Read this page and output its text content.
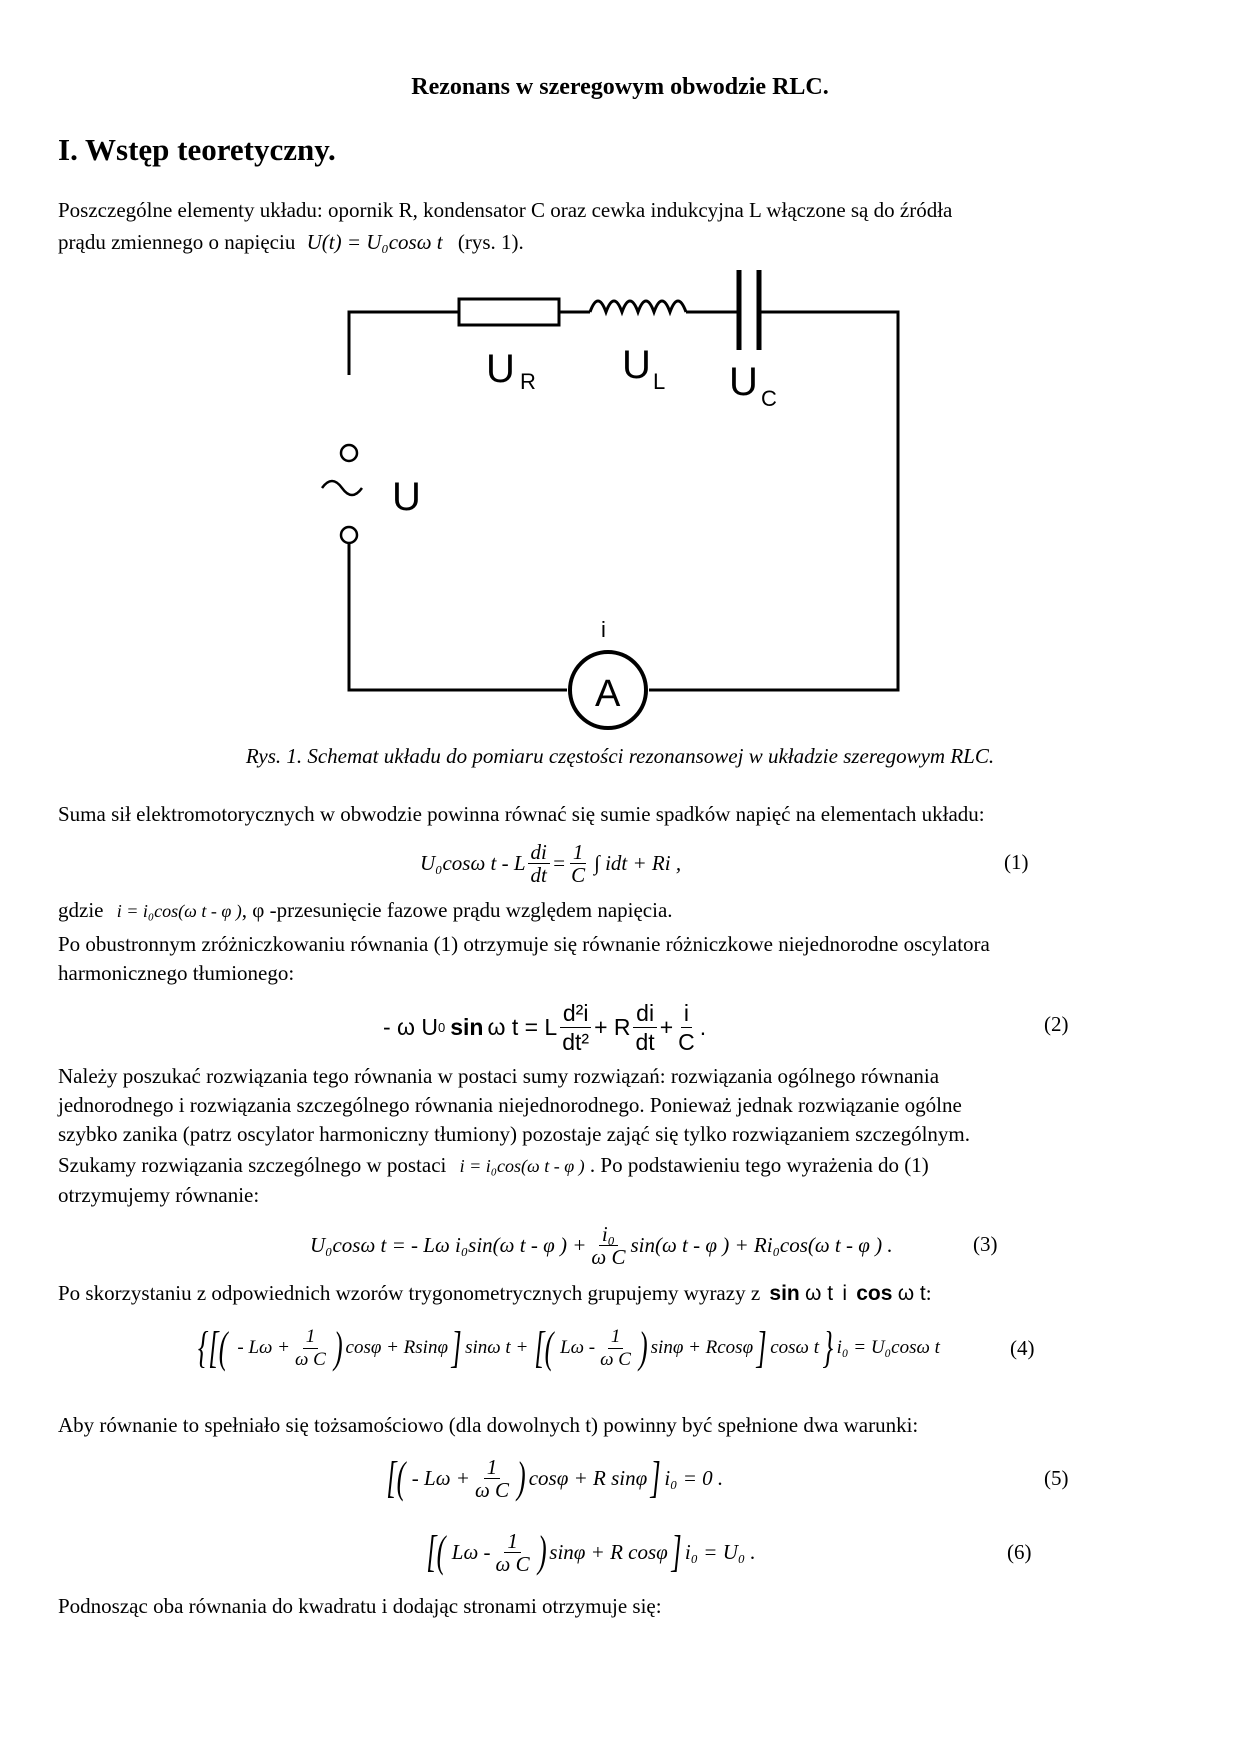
Rezonans w szeregowym obwodzie RLC.
I. Wstęp teoretyczny.
Poszczególne elementy układu: opornik R, kondensator C oraz cewka indukcyjna L włączone są do źródła
prądu zmiennego o napięciu U(t) = U₀cosω t (rys. 1).
U R U L U C
U
i
A
Rys. 1. Schemat układu do pomiaru częstości rezonansowej w układzie szeregowym RLC.
Suma sił elektromotorycznych w obwodzie powinna równać się sumie spadków napięć na elementach układu:
U₀cosω t - L $\frac{di}{dt} = \frac{1}{C}$ ∫ idt + Ri ,	(1)
gdzie i = i₀cos(ω t - φ ), φ -przesunięcie fazowe prądu względem napięcia.
Po obustronnym zróżniczkowaniu równania (1) otrzymuje się równanie różniczkowe niejednorodne oscylatora
harmonicznego tłumionego:
- ω U 0 sin ω t = L $\frac{\text{d²i}}{\text{dt²}} + R \frac{di}{dt} + \frac{i}{C}$ .	(2)
Należy poszukać rozwiązania tego równania w postaci sumy rozwiązań: rozwiązania ogólnego równania
jednorodnego i rozwiązania szczególnego równania niejednorodnego. Ponieważ jednak rozwiązanie ogólne
szybko zanika (patrz oscylator harmoniczny tłumiony) pozostaje zająć się tylko rozwiązaniem szczególnym.
Szukamy rozwiązania szczególnego w postaci i = i₀cos(ω t - φ ) . Po podstawieniu tego wyrażenia do (1)
otrzymujemy równanie:
U₀cosω t = - Lω i₀sin(ω t - φ ) + $\frac{\text{i₀}}{\text{ω C}} \sin(\omega$ t - φ ) + Ri₀cos(ω t - φ ) .	(3)
Po skorzystaniu z odpowiednich wzorów trygonometrycznych grupujemy wyrazy z sin ω t i cos ω t:
{[( - $L\omega + \frac{1}{\text{ω C}}$ ) cosφ + Rsinφ ] sinω t + [( Lω - $\frac{1}{\text{ω C}}$ ) sinφ + Rcosφ ] cosω t } i₀ = U₀cosω t	(4)
Aby równanie to spełniało się tożsamościowo (dla dowolnych t) powinny być spełnione dwa warunki:
[( - $L\omega + \frac{1}{\text{ω C}}$ ) cosφ + R sinφ ] i₀ = 0 .	(5)
[( Lω - $\frac{1}{\text{ω C}}$ ) sinφ + R cosφ ] i₀ = U₀ .	(6)
Podnosząc oba równania do kwadratu i dodając stronami otrzymuje się:
